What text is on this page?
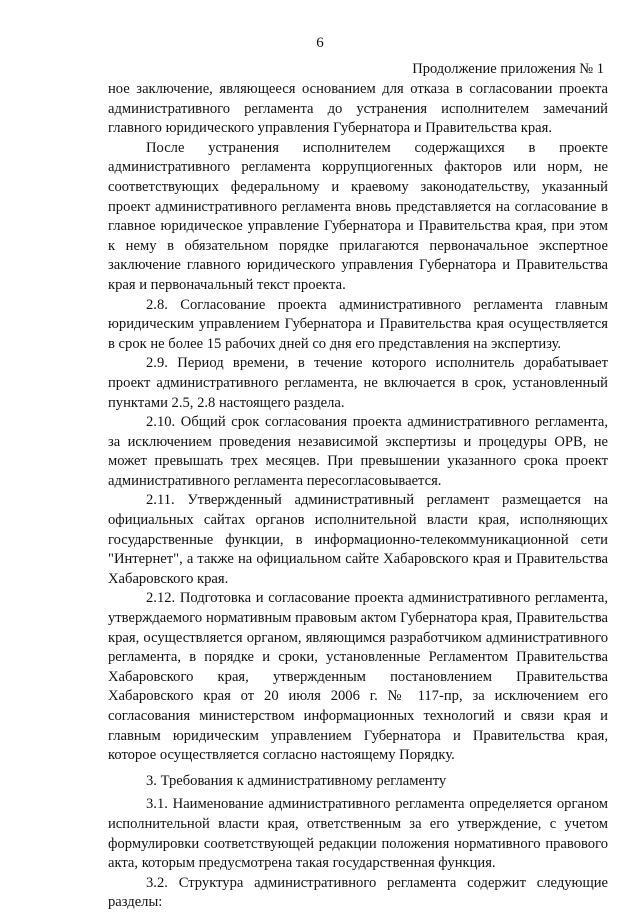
6
Продолжение приложения № 1

ное заключение, являющееся основанием для отказа в согласовании проекта административного регламента до устранения исполнителем замечаний главного юридического управления Губернатора и Правительства края.

После устранения исполнителем содержащихся в проекте административного регламента коррупциогенных факторов или норм, не соответствующих федеральному и краевому законодательству, указанный проект административного регламента вновь представляется на согласование в главное юридическое управление Губернатора и Правительства края, при этом к нему в обязательном порядке прилагаются первоначальное экспертное заключение главного юридического управления Губернатора и Правительства края и первоначальный текст проекта.

2.8. Согласование проекта административного регламента главным юридическим управлением Губернатора и Правительства края осуществляется в срок не более 15 рабочих дней со дня его представления на экспертизу.

2.9. Период времени, в течение которого исполнитель дорабатывает проект административного регламента, не включается в срок, установленный пунктами 2.5, 2.8 настоящего раздела.

2.10. Общий срок согласования проекта административного регламента, за исключением проведения независимой экспертизы и процедуры ОРВ, не может превышать трех месяцев. При превышении указанного срока проект административного регламента пересогласовывается.

2.11. Утвержденный административный регламент размещается на официальных сайтах органов исполнительной власти края, исполняющих государственные функции, в информационно-телекоммуникационной сети "Интернет", а также на официальном сайте Хабаровского края и Правительства Хабаровского края.

2.12. Подготовка и согласование проекта административного регламента, утверждаемого нормативным правовым актом Губернатора края, Правительства края, осуществляется органом, являющимся разработчиком административного регламента, в порядке и сроки, установленные Регламентом Правительства Хабаровского края, утвержденным постановлением Правительства Хабаровского края от 20 июля 2006 г. № 117-пр, за исключением его согласования министерством информационных технологий и связи края и главным юридическим управлением Губернатора и Правительства края, которое осуществляется согласно настоящему Порядку.

3. Требования к административному регламенту

3.1. Наименование административного регламента определяется органом исполнительной власти края, ответственным за его утверждение, с учетом формулировки соответствующей редакции положения нормативного правового акта, которым предусмотрена такая государственная функция.

3.2. Структура административного регламента содержит следующие разделы:
